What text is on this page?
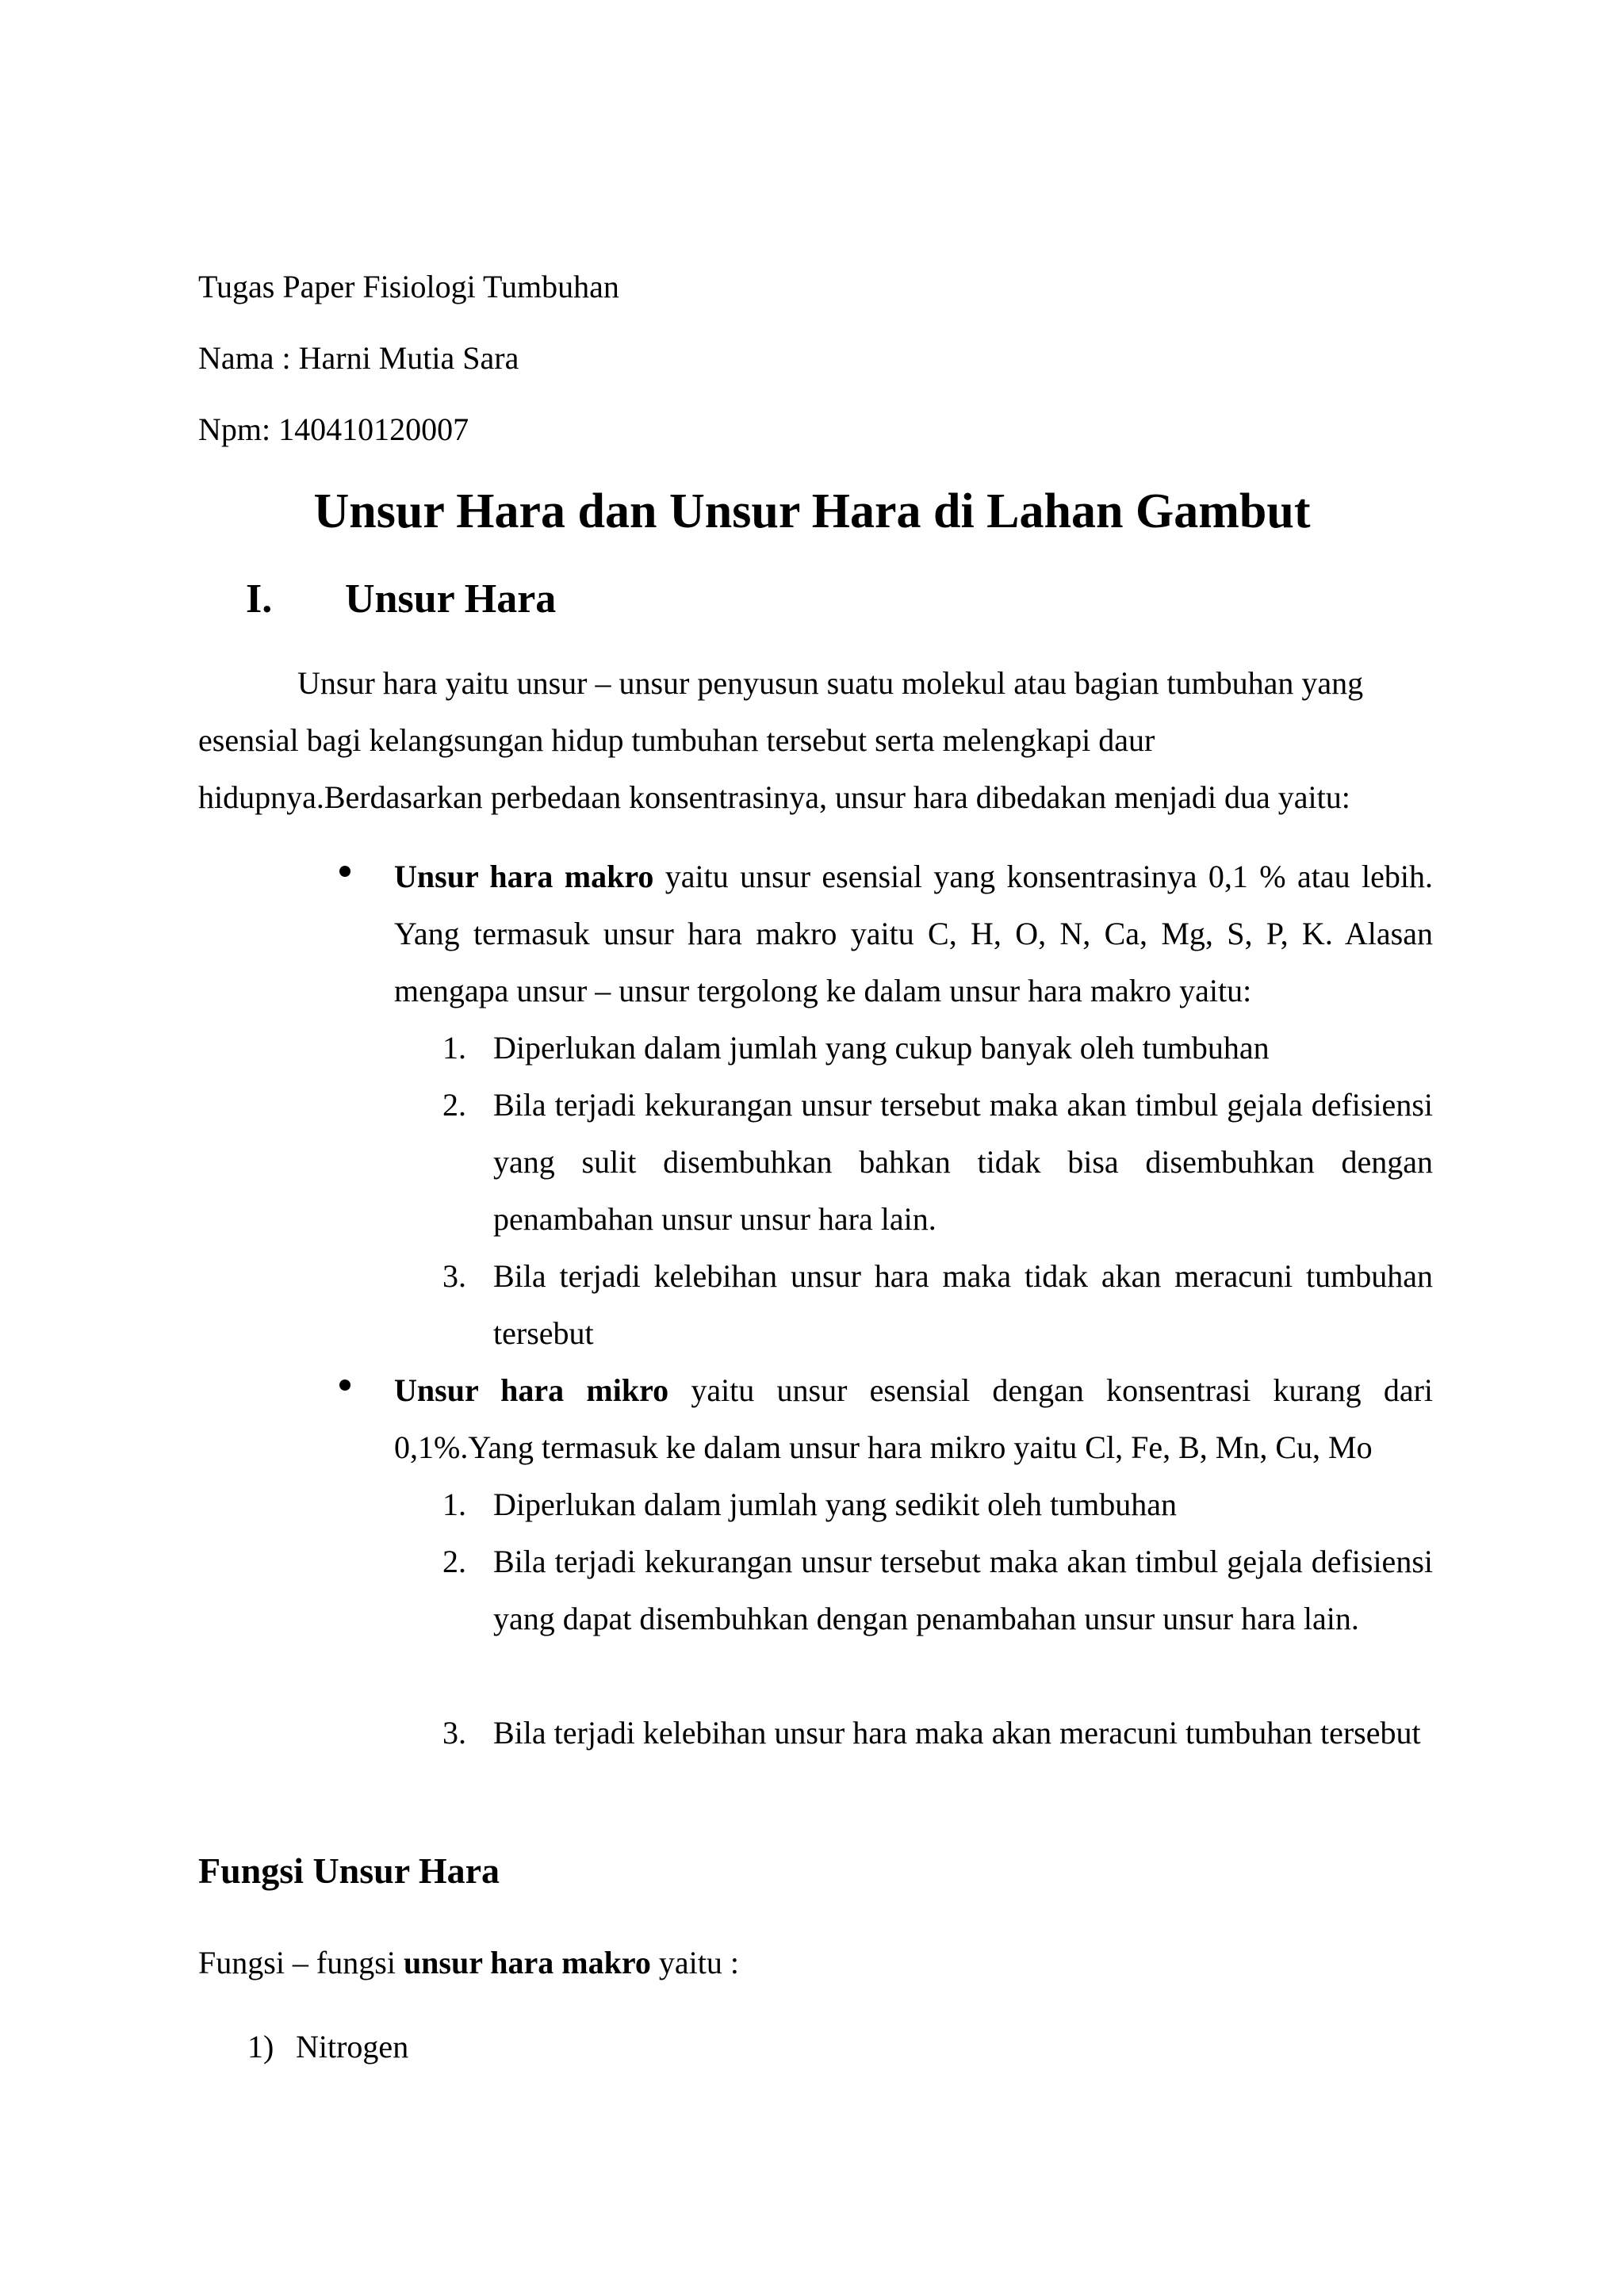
Tugas Paper Fisiologi Tumbuhan
Nama : Harni Mutia Sara
Npm: 140410120007
Unsur Hara dan Unsur Hara di Lahan Gambut
I. Unsur Hara
Unsur hara yaitu unsur – unsur penyusun suatu molekul atau bagian tumbuhan yang esensial bagi kelangsungan hidup tumbuhan tersebut serta melengkapi daur hidupnya.Berdasarkan perbedaan konsentrasinya, unsur hara dibedakan menjadi dua yaitu:
Unsur hara makro yaitu unsur esensial yang konsentrasinya 0,1 % atau lebih. Yang termasuk unsur hara makro yaitu C, H, O, N, Ca, Mg, S, P, K. Alasan mengapa unsur – unsur tergolong ke dalam unsur hara makro yaitu:
1. Diperlukan dalam jumlah yang cukup banyak oleh tumbuhan
2. Bila terjadi kekurangan unsur tersebut maka akan timbul gejala defisiensi yang sulit disembuhkan bahkan tidak bisa disembuhkan dengan penambahan unsur unsur hara lain.
3. Bila terjadi kelebihan unsur hara maka tidak akan meracuni tumbuhan tersebut
Unsur hara mikro yaitu unsur esensial dengan konsentrasi kurang dari 0,1%.Yang termasuk ke dalam unsur hara mikro yaitu Cl, Fe, B, Mn, Cu, Mo
1. Diperlukan dalam jumlah yang sedikit oleh tumbuhan
2. Bila terjadi kekurangan unsur tersebut maka akan timbul gejala defisiensi yang dapat disembuhkan dengan penambahan unsur unsur hara lain.
3. Bila terjadi kelebihan unsur hara maka akan meracuni tumbuhan tersebut
Fungsi Unsur Hara
Fungsi – fungsi unsur hara makro yaitu :
1) Nitrogen
